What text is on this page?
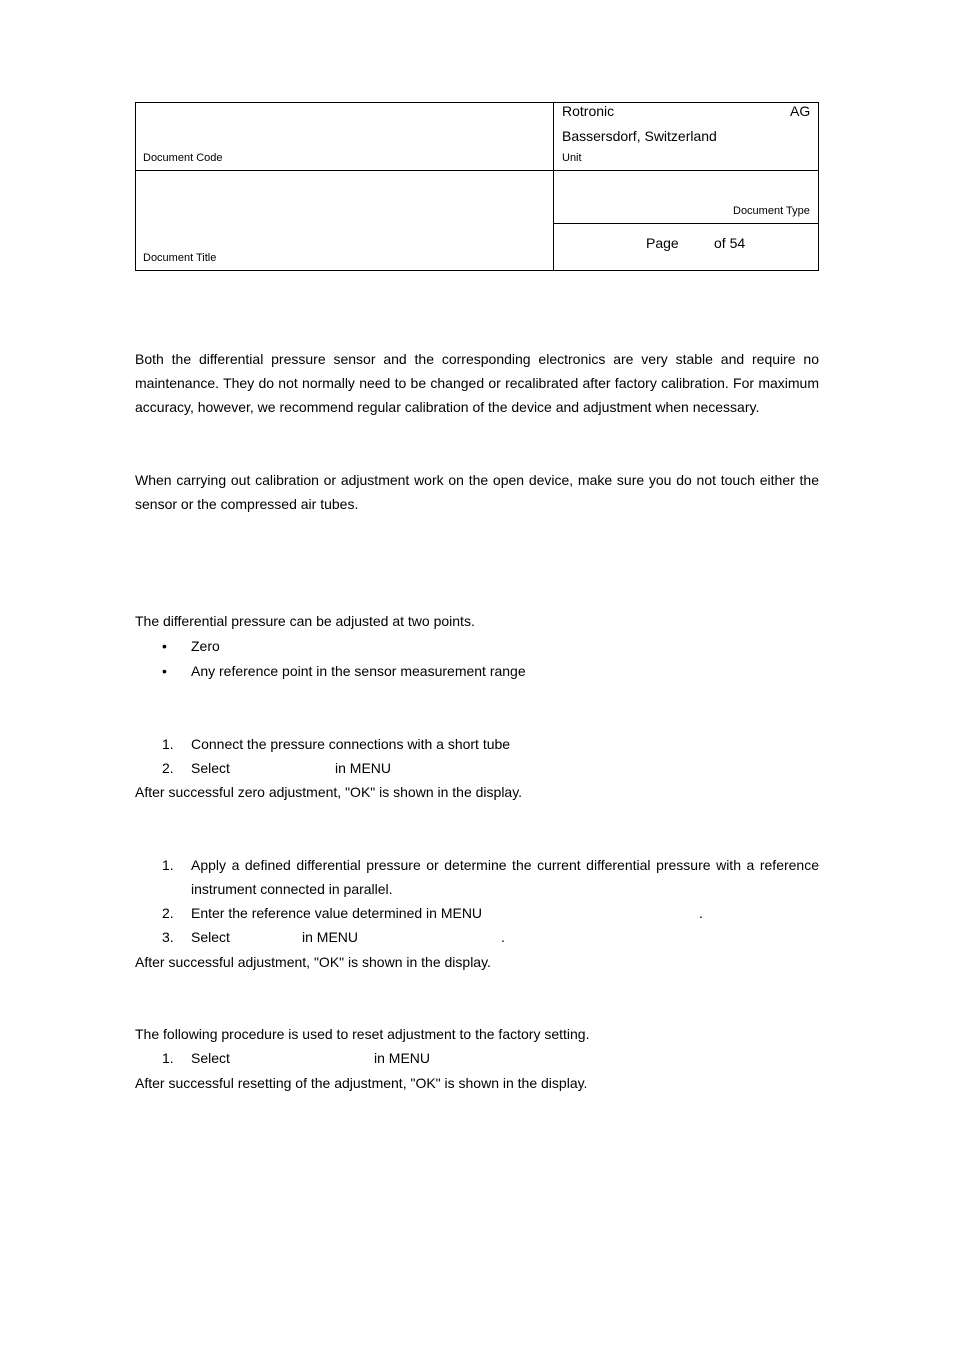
Rotronic	AG
Bassersdorf, Switzerland
Document Code	Unit
Document Type
Page	of 54
Document Title
Both the differential pressure sensor and the corresponding electronics are very stable and require no maintenance. They do not normally need to be changed or recalibrated after factory calibration. For maximum accuracy, however, we recommend regular calibration of the device and adjustment when necessary.
When carrying out calibration or adjustment work on the open device, make sure you do not touch either the sensor or the compressed air tubes.
The differential pressure can be adjusted at two points.
• Zero
• Any reference point in the sensor measurement range
1. Connect the pressure connections with a short tube
2. Select	in MENU
After successful zero adjustment, "OK" is shown in the display.
1. Apply a defined differential pressure or determine the current differential pressure with a reference
instrument connected in parallel.
2. Enter the reference value determined in MENU	.
3. Select	in MENU	.
After successful adjustment, "OK" is shown in the display.
The following procedure is used to reset adjustment to the factory setting.
1. Select	in MENU
After successful resetting of the adjustment, "OK" is shown in the display.
